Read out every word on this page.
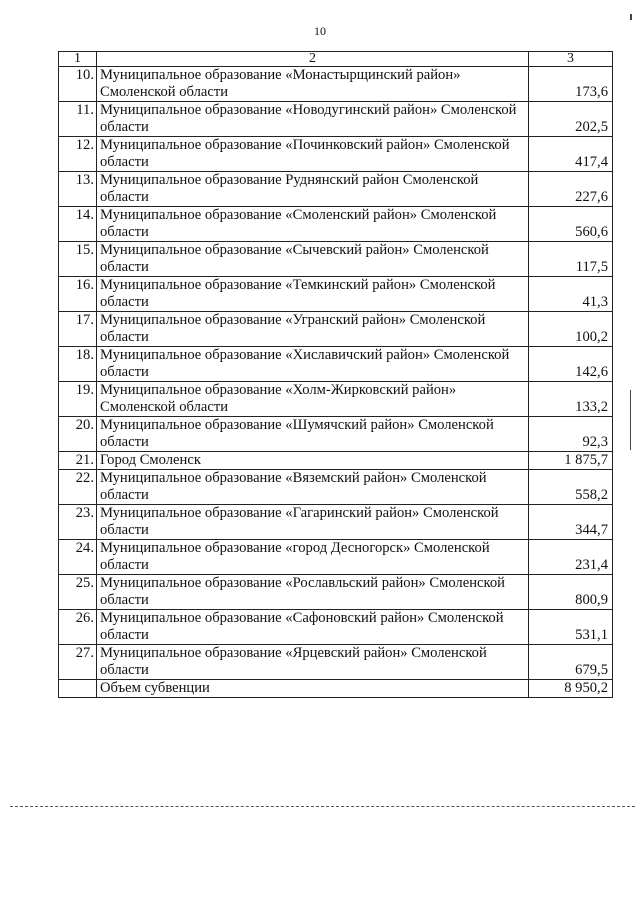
10
1	2	3
10.	Муниципальное образование «Монастырщинский район» Смоленской области	173,6
11.	Муниципальное образование «Новодугинский район» Смоленской области	202,5
12.	Муниципальное образование «Починковский район» Смоленской области	417,4
13.	Муниципальное образование Руднянский район Смоленской области	227,6
14.	Муниципальное образование «Смоленский район» Смоленской области	560,6
15.	Муниципальное образование «Сычевский район» Смоленской области	117,5
16.	Муниципальное образование «Темкинский район» Смоленской области	41,3
17.	Муниципальное образование «Угранский район» Смоленской области	100,2
18.	Муниципальное образование «Хиславичский район» Смоленской области	142,6
19.	Муниципальное образование «Холм-Жирковский район» Смоленской области	133,2
20.	Муниципальное образование «Шумячский район» Смоленской области	92,3
21.	Город Смоленск	1 875,7
22.	Муниципальное образование «Вяземский район» Смоленской области	558,2
23.	Муниципальное образование «Гагаринский район» Смоленской области	344,7
24.	Муниципальное образование «город Десногорск» Смоленской области	231,4
25.	Муниципальное образование «Рославльский район» Смоленской области	800,9
26.	Муниципальное образование «Сафоновский район» Смоленской области	531,1
27.	Муниципальное образование «Ярцевский район» Смоленской области	679,5
	Объем субвенции	8 950,2
